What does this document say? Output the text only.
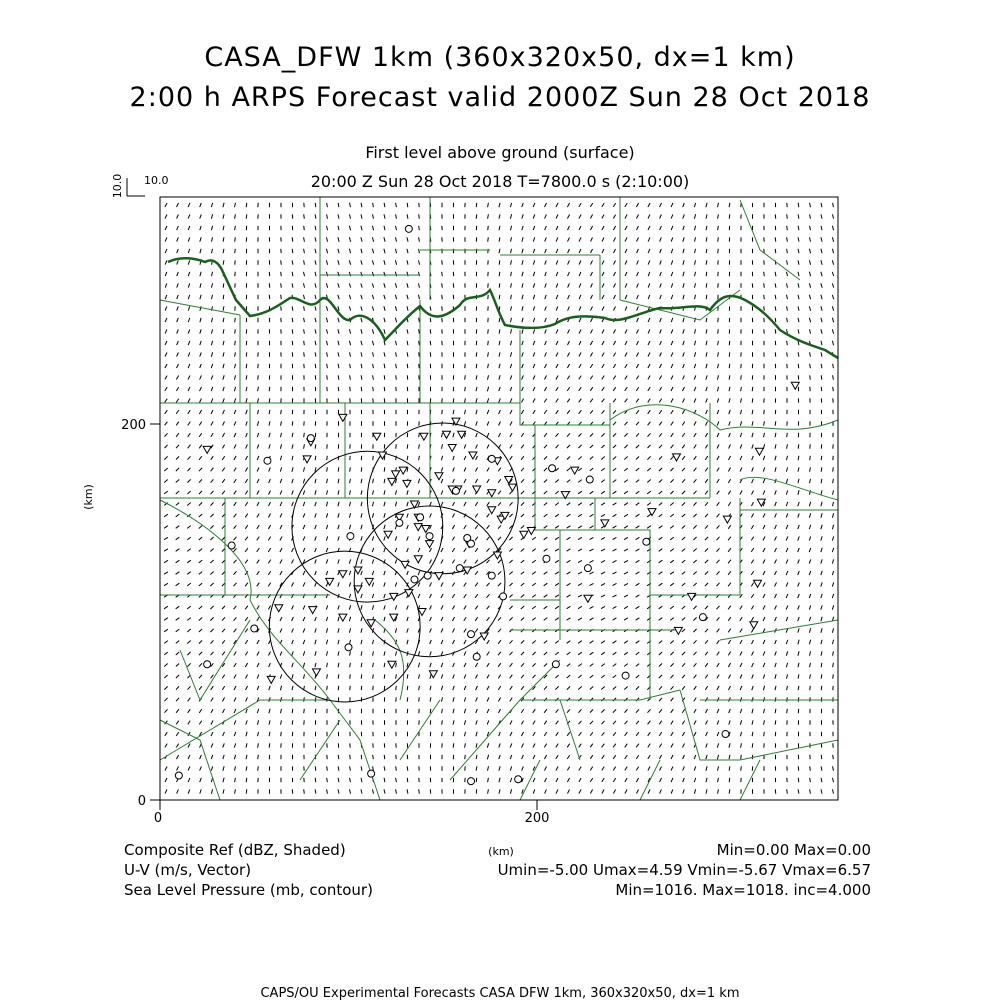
CASA_DFW 1km (360x320x50, dx=1 km)
2:00 h ARPS Forecast valid 2000Z Sun 28 Oct 2018
First level above ground (surface)
20:00 Z Sun 28 Oct 2018 T=7800.0 s (2:10:00)
10.0 10.0
0	200
0
200
(km)
(km)
Composite Ref (dBZ, Shaded)	Min=0.00 Max=0.00
U-V (m/s, Vector)	Umin=-5.00 Umax=4.59 Vmin=-5.67 Vmax=6.57
Sea Level Pressure (mb, contour)	Min=1016. Max=1018. inc=4.000
CAPS/OU Experimental Forecasts CASA DFW 1km, 360x320x50, dx=1 km
